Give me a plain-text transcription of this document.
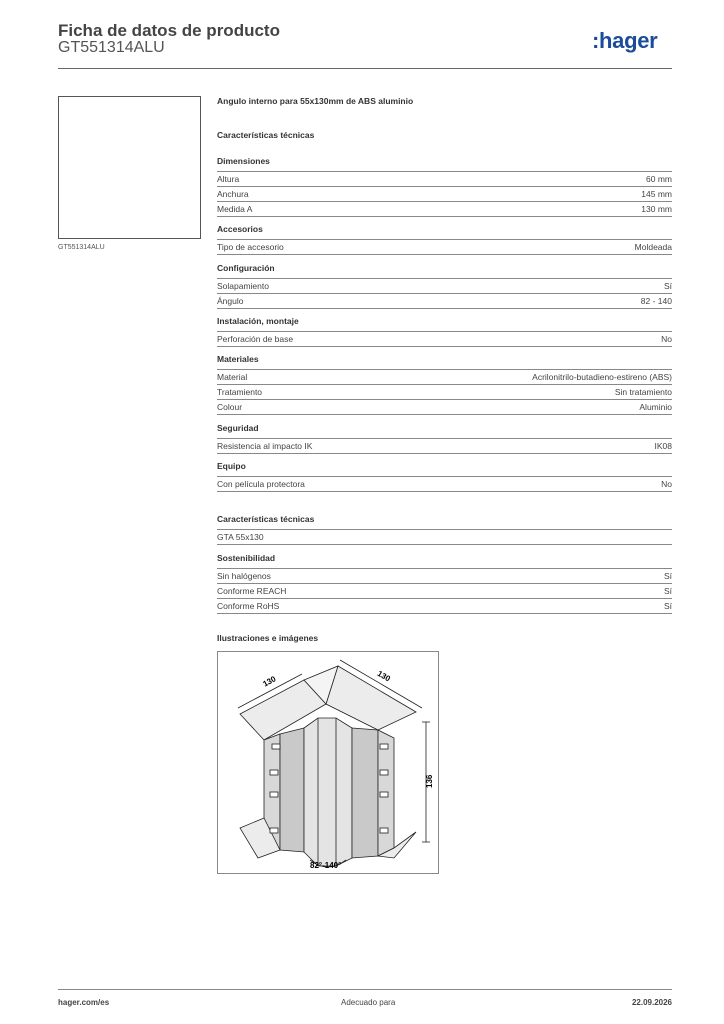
Ficha de datos de producto
GT551314ALU	:hager
GT551314ALU
Angulo interno para 55x130mm de ABS aluminio
Características técnicas
Dimensiones
Altura	60 mm
Anchura	145 mm
Medida A	130 mm
Accesorios
Tipo de accesorio	Moldeada
Configuración
Solapamiento	Sí
Ángulo	82 - 140
Instalación, montaje
Perforación de base	No
Materiales
Material	Acrilonitrilo-butadieno-estireno (ABS)
Tratamiento	Sin tratamiento
Colour	Aluminio
Seguridad
Resistencia al impacto IK	IK08
Equipo
Con película protectora	No
Características técnicas
GTA 55x130
Sostenibilidad
Sin halógenos	Sí
Conforme REACH	Sí
Conforme RoHS	Sí
Ilustraciones e imágenes
130	130
136
82°-140°
hager.com/es	Adecuado para	22.09.2026
